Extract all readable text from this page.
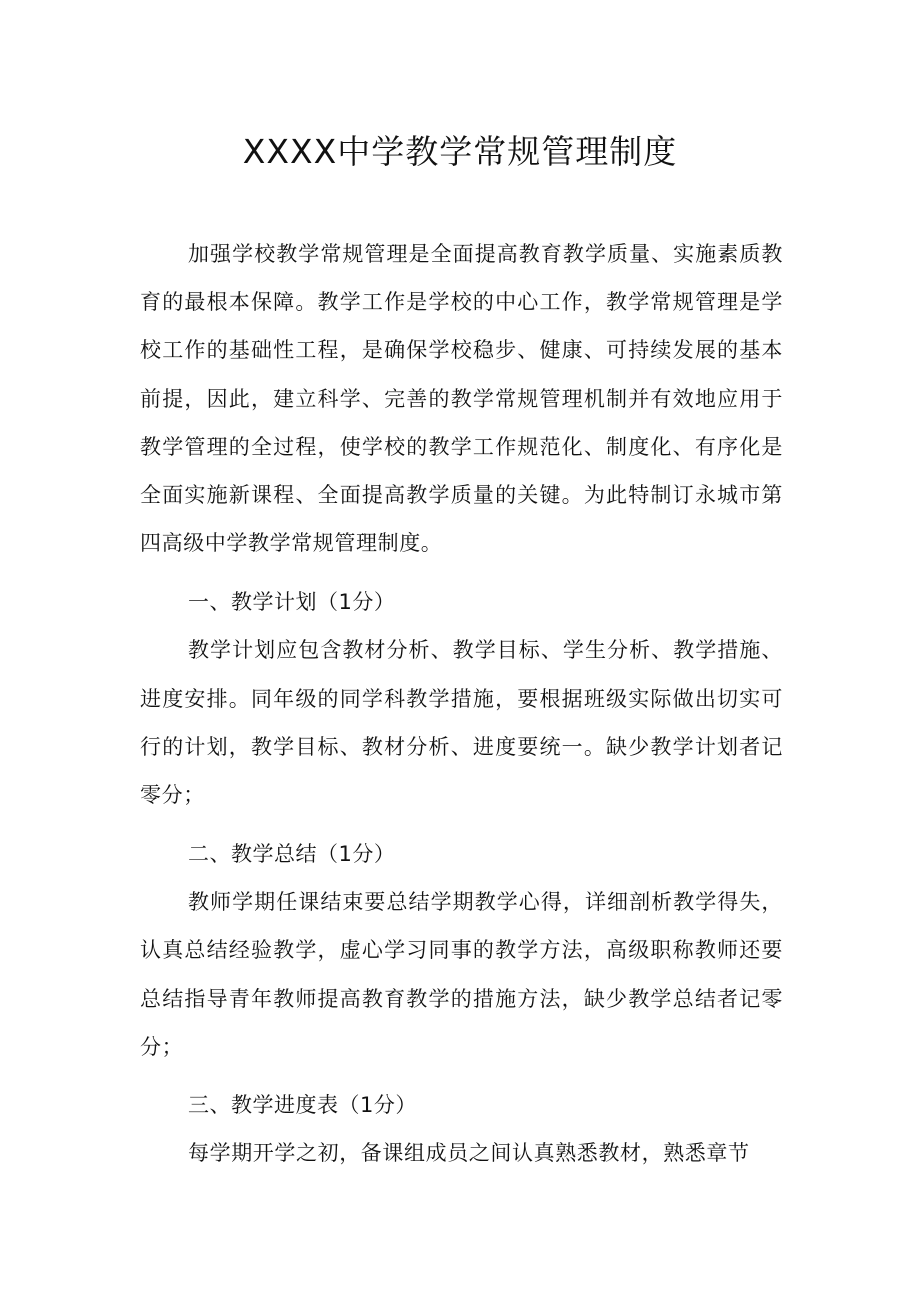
XXXX中学教学常规管理制度

加强学校教学常规管理是全面提高教育教学质量、实施素质教育的最根本保障。教学工作是学校的中心工作，教学常规管理是学校工作的基础性工程，是确保学校稳步、健康、可持续发展的基本前提，因此，建立科学、完善的教学常规管理机制并有效地应用于教学管理的全过程，使学校的教学工作规范化、制度化、有序化是全面实施新课程、全面提高教学质量的关键。为此特制订永城市第四高级中学教学常规管理制度。

一、教学计划（1分）

教学计划应包含教材分析、教学目标、学生分析、教学措施、进度安排。同年级的同学科教学措施，要根据班级实际做出切实可行的计划，教学目标、教材分析、进度要统一。缺少教学计划者记零分；

二、教学总结（1分）

教师学期任课结束要总结学期教学心得，详细剖析教学得失，认真总结经验教学，虚心学习同事的教学方法，高级职称教师还要总结指导青年教师提高教育教学的措施方法，缺少教学总结者记零分；

三、教学进度表（1分）

每学期开学之初，备课组成员之间认真熟悉教材，熟悉章节
